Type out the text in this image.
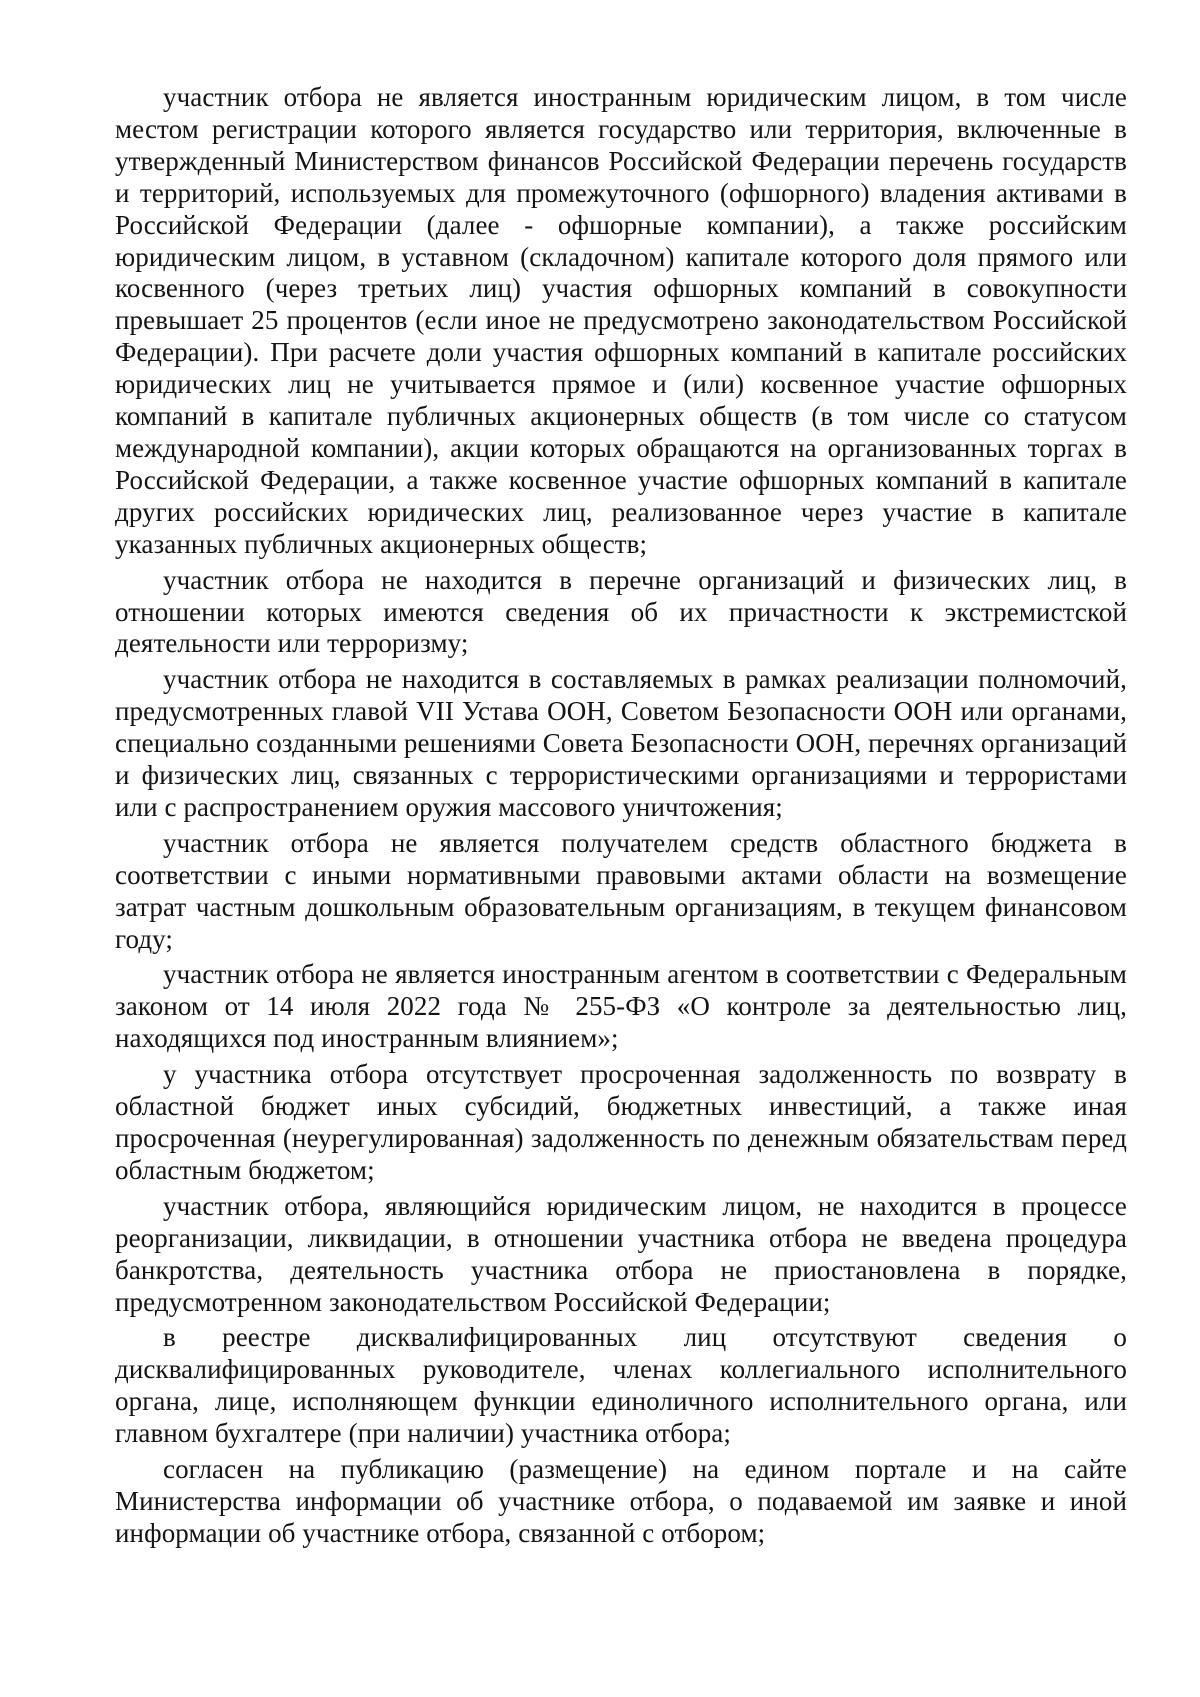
участник отбора не является иностранным юридическим лицом, в том числе местом регистрации которого является государство или территория, включенные в утвержденный Министерством финансов Российской Федерации перечень государств и территорий, используемых для промежуточного (офшорного) владения активами в Российской Федерации (далее - офшорные компании), а также российским юридическим лицом, в уставном (складочном) капитале которого доля прямого или косвенного (через третьих лиц) участия офшорных компаний в совокупности превышает 25 процентов (если иное не предусмотрено законодательством Российской Федерации). При расчете доли участия офшорных компаний в капитале российских юридических лиц не учитывается прямое и (или) косвенное участие офшорных компаний в капитале публичных акционерных обществ (в том числе со статусом международной компании), акции которых обращаются на организованных торгах в Российской Федерации, а также косвенное участие офшорных компаний в капитале других российских юридических лиц, реализованное через участие в капитале указанных публичных акционерных обществ;

участник отбора не находится в перечне организаций и физических лиц, в отношении которых имеются сведения об их причастности к экстремистской деятельности или терроризму;

участник отбора не находится в составляемых в рамках реализации полномочий, предусмотренных главой VII Устава ООН, Советом Безопасности ООН или органами, специально созданными решениями Совета Безопасности ООН, перечнях организаций и физических лиц, связанных с террористическими организациями и террористами или с распространением оружия массового уничтожения;

участник отбора не является получателем средств областного бюджета в соответствии с иными нормативными правовыми актами области на возмещение затрат частным дошкольным образовательным организациям, в текущем финансовом году;

участник отбора не является иностранным агентом в соответствии с Федеральным законом от 14 июля 2022 года № 255-ФЗ «О контроле за деятельностью лиц, находящихся под иностранным влиянием»;

у участника отбора отсутствует просроченная задолженность по возврату в областной бюджет иных субсидий, бюджетных инвестиций, а также иная просроченная (неурегулированная) задолженность по денежным обязательствам перед областным бюджетом;

участник отбора, являющийся юридическим лицом, не находится в процессе реорганизации, ликвидации, в отношении участника отбора не введена процедура банкротства, деятельность участника отбора не приостановлена в порядке, предусмотренном законодательством Российской Федерации;

в реестре дисквалифицированных лиц отсутствуют сведения о дисквалифицированных руководителе, членах коллегиального исполнительного органа, лице, исполняющем функции единоличного исполнительного органа, или главном бухгалтере (при наличии) участника отбора;

согласен на публикацию (размещение) на едином портале и на сайте Министерства информации об участнике отбора, о подаваемой им заявке и иной информации об участнике отбора, связанной с отбором;
